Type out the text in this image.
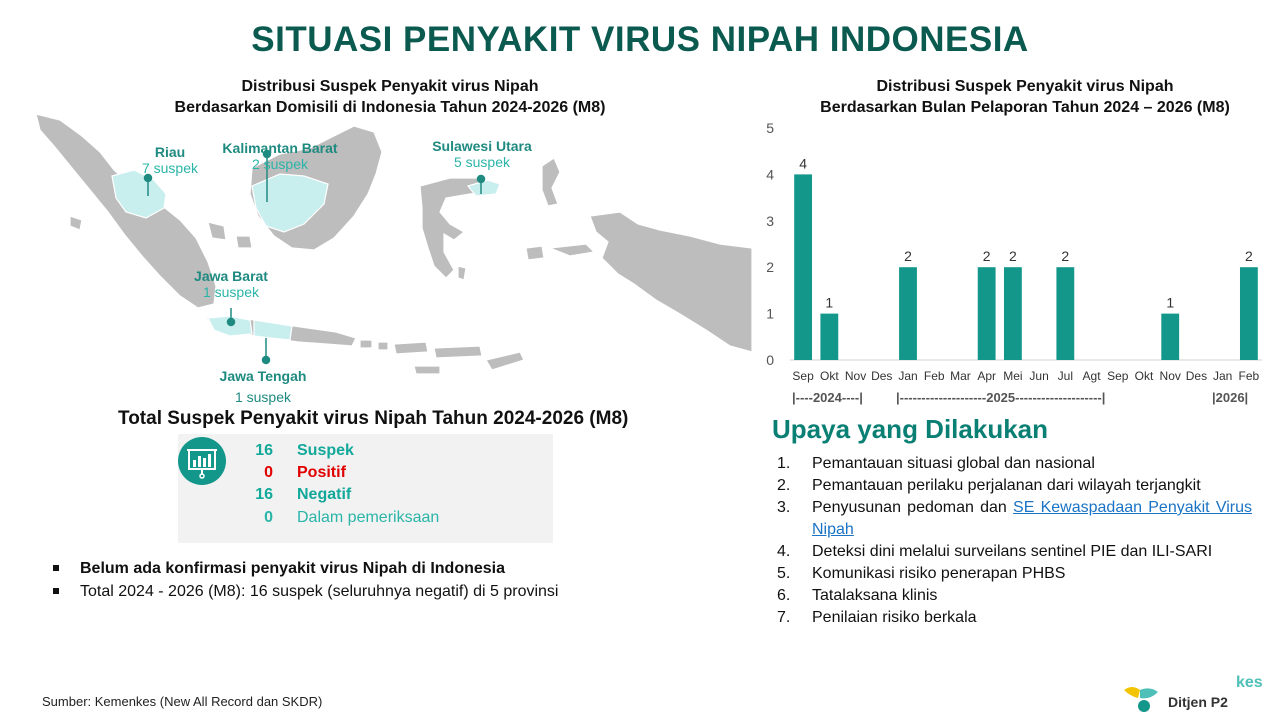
SITUASI PENYAKIT VIRUS NIPAH INDONESIA
Distribusi Suspek Penyakit virus Nipah
Berdasarkan Domisili di Indonesia Tahun 2024-2026 (M8)
Riau
7 suspek
Kalimantan Barat
2 suspek
Sulawesi Utara
5 suspek
Jawa Barat
1 suspek
Jawa Tengah
1 suspek
Distribusi Suspek Penyakit virus Nipah
Berdasarkan Bulan Pelaporan Tahun 2024 – 2026 (M8)
0
1
2
3
4
5
4
Sep
1
Okt Nov Des
2
Jan Feb Mar
2
Apr
2
Mei Jun
2
Jul Agt Sep Okt
1
Nov Des Jan
2
Feb
|----2024----|	|--------------------2025--------------------|	|2026|
Total Suspek Penyakit virus Nipah Tahun 2024-2026 (M8)
16 Suspek
0 Positif
16 Negatif
0 Dalam pemeriksaan
Belum ada konfirmasi penyakit virus Nipah di Indonesia
Total 2024 - 2026 (M8): 16 suspek (seluruhnya negatif) di 5 provinsi
Upaya yang Dilakukan
1. Pemantauan situasi global dan nasional
2. Pemantauan perilaku perjalanan dari wilayah terjangkit
3. Penyusunan pedoman dan SE Kewaspadaan Penyakit Virus Nipah
4. Deteksi dini melalui surveilans sentinel PIE dan ILI-SARI
5. Komunikasi risiko penerapan PHBS
6. Tatalaksana klinis
7. Penilaian risiko berkala
Sumber: Kemenkes (New All Record dan SKDR)	Ditjen P2
kes
